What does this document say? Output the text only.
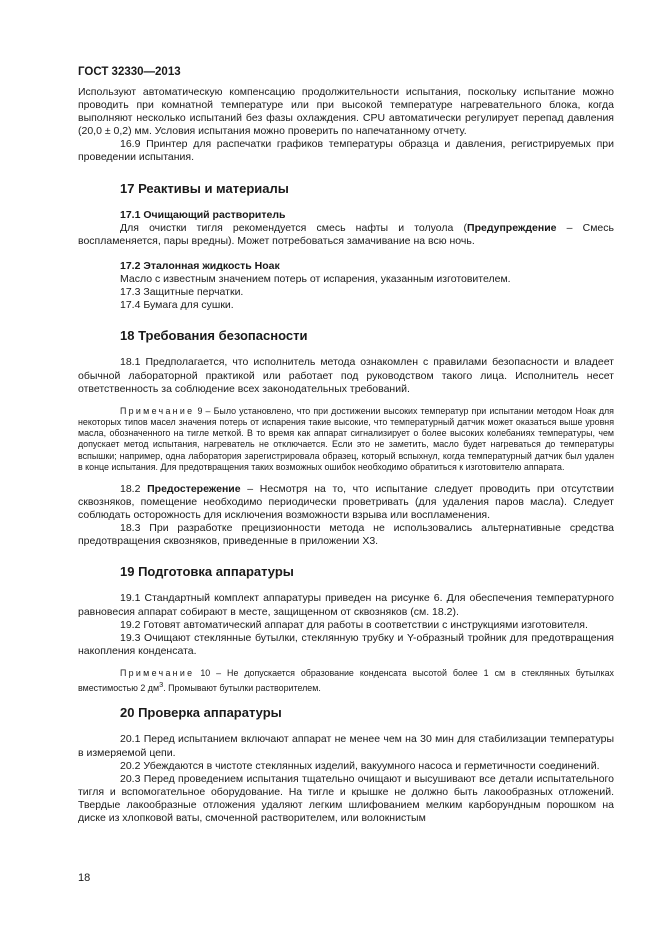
ГОСТ 32330—2013

Используют автоматическую компенсацию продолжительности испытания, поскольку испытание можно проводить при комнатной температуре или при высокой температуре нагревательного блока, когда выполняют несколько испытаний без фазы охлаждения. CPU автоматически регулирует перепад давления (20,0 ± 0,2) мм. Условия испытания можно проверить по напечатанному отчету.

16.9 Принтер для распечатки графиков температуры образца и давления, регистрируемых при проведении испытания.

17 Реактивы и материалы

17.1 Очищающий растворитель

Для очистки тигля рекомендуется смесь нафты и толуола (Предупреждение – Смесь воспламеняется, пары вредны). Может потребоваться замачивание на всю ночь.

17.2 Эталонная жидкость Ноак

Масло с известным значением потерь от испарения, указанным изготовителем.

17.3 Защитные перчатки.

17.4 Бумага для сушки.

18 Требования безопасности

18.1 Предполагается, что исполнитель метода ознакомлен с правилами безопасности и владеет обычной лабораторной практикой или работает под руководством такого лица. Исполнитель несет ответственность за соблюдение всех законодательных требований.

Примечание 9 – Было установлено, что при достижении высоких температур при испытании методом Ноак для некоторых типов масел значения потерь от испарения такие высокие, что температурный датчик может оказаться выше уровня масла, обозначенного на тигле меткой. В то время как аппарат сигнализирует о более высоких колебаниях температуры, чем допускает метод испытания, нагреватель не отключается. Если это не заметить, масло будет нагреваться до температуры вспышки; например, одна лаборатория зарегистрировала образец, который вспыхнул, когда температурный датчик был удален в конце испытания. Для предотвращения таких возможных ошибок необходимо обратиться к изготовителю аппарата.

18.2 Предостережение – Несмотря на то, что испытание следует проводить при отсутствии сквозняков, помещение необходимо периодически проветривать (для удаления паров масла). Следует соблюдать осторожность для исключения возможности взрыва или воспламенения.

18.3 При разработке прецизионности метода не использовались альтернативные средства предотвращения сквозняков, приведенные в приложении Х3.

19 Подготовка аппаратуры

19.1 Стандартный комплект аппаратуры приведен на рисунке 6. Для обеспечения температурного равновесия аппарат собирают в месте, защищенном от сквозняков (см. 18.2).

19.2 Готовят автоматический аппарат для работы в соответствии с инструкциями изготовителя.

19.3 Очищают стеклянные бутылки, стеклянную трубку и Y-образный тройник для предотвращения накопления конденсата.

Примечание 10 – Не допускается образование конденсата высотой более 1 см в стеклянных бутылках вместимостью 2 $дм^3$. Промывают бутылки растворителем.
20 Проверка аппаратуры

20.1 Перед испытанием включают аппарат не менее чем на 30 мин для стабилизации температуры в измеряемой цепи.

20.2 Убеждаются в чистоте стеклянных изделий, вакуумного насоса и герметичности соединений.

20.3 Перед проведением испытания тщательно очищают и высушивают все детали испытательного тигля и вспомогательное оборудование. На тигле и крышке не должно быть лакообразных отложений. Твердые лакообразные отложения удаляют легким шлифованием мелким карборундным порошком на диске из хлопковой ваты, смоченной растворителем, или волокнистым

18
